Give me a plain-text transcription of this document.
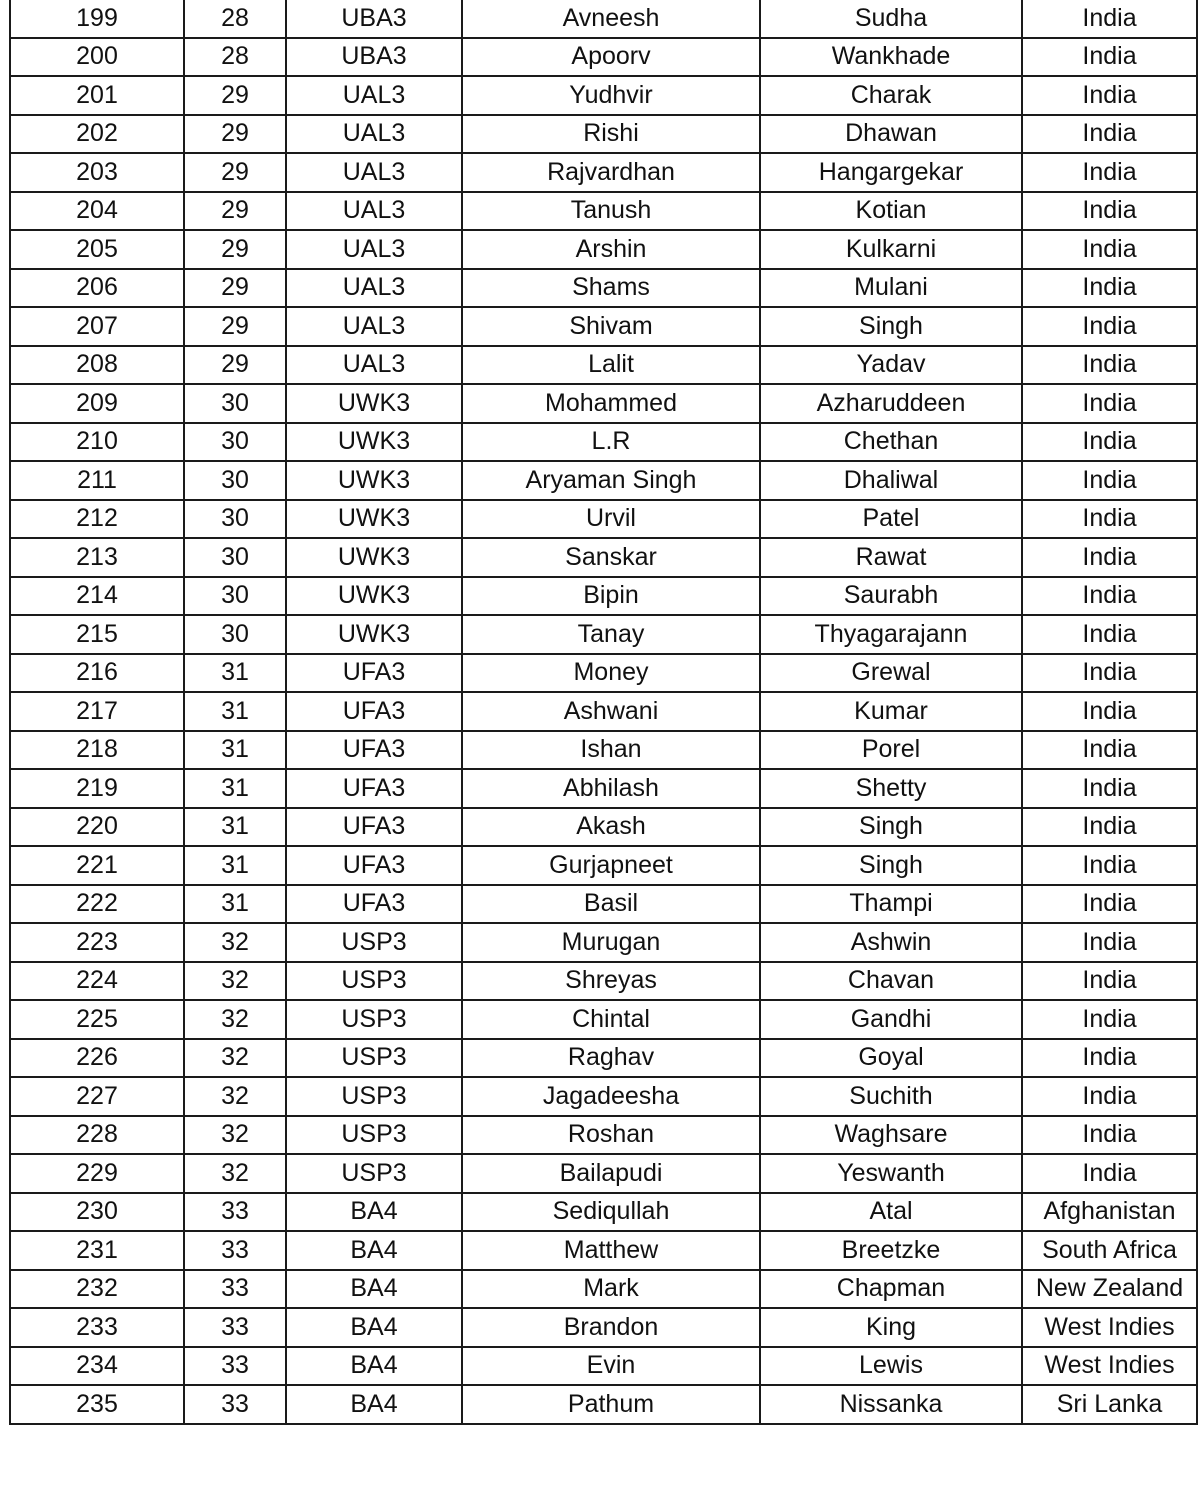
199	28	UBA3	Avneesh	Sudha	India
200	28	UBA3	Apoorv	Wankhade	India
201	29	UAL3	Yudhvir	Charak	India
202	29	UAL3	Rishi	Dhawan	India
203	29	UAL3	Rajvardhan	Hangargekar	India
204	29	UAL3	Tanush	Kotian	India
205	29	UAL3	Arshin	Kulkarni	India
206	29	UAL3	Shams	Mulani	India
207	29	UAL3	Shivam	Singh	India
208	29	UAL3	Lalit	Yadav	India
209	30	UWK3	Mohammed	Azharuddeen	India
210	30	UWK3	L.R	Chethan	India
211	30	UWK3	Aryaman Singh	Dhaliwal	India
212	30	UWK3	Urvil	Patel	India
213	30	UWK3	Sanskar	Rawat	India
214	30	UWK3	Bipin	Saurabh	India
215	30	UWK3	Tanay	Thyagarajann	India
216	31	UFA3	Money	Grewal	India
217	31	UFA3	Ashwani	Kumar	India
218	31	UFA3	Ishan	Porel	India
219	31	UFA3	Abhilash	Shetty	India
220	31	UFA3	Akash	Singh	India
221	31	UFA3	Gurjapneet	Singh	India
222	31	UFA3	Basil	Thampi	India
223	32	USP3	Murugan	Ashwin	India
224	32	USP3	Shreyas	Chavan	India
225	32	USP3	Chintal	Gandhi	India
226	32	USP3	Raghav	Goyal	India
227	32	USP3	Jagadeesha	Suchith	India
228	32	USP3	Roshan	Waghsare	India
229	32	USP3	Bailapudi	Yeswanth	India
230	33	BA4	Sediqullah	Atal	Afghanistan
231	33	BA4	Matthew	Breetzke	South Africa
232	33	BA4	Mark	Chapman	New Zealand
233	33	BA4	Brandon	King	West Indies
234	33	BA4	Evin	Lewis	West Indies
235	33	BA4	Pathum	Nissanka	Sri Lanka
